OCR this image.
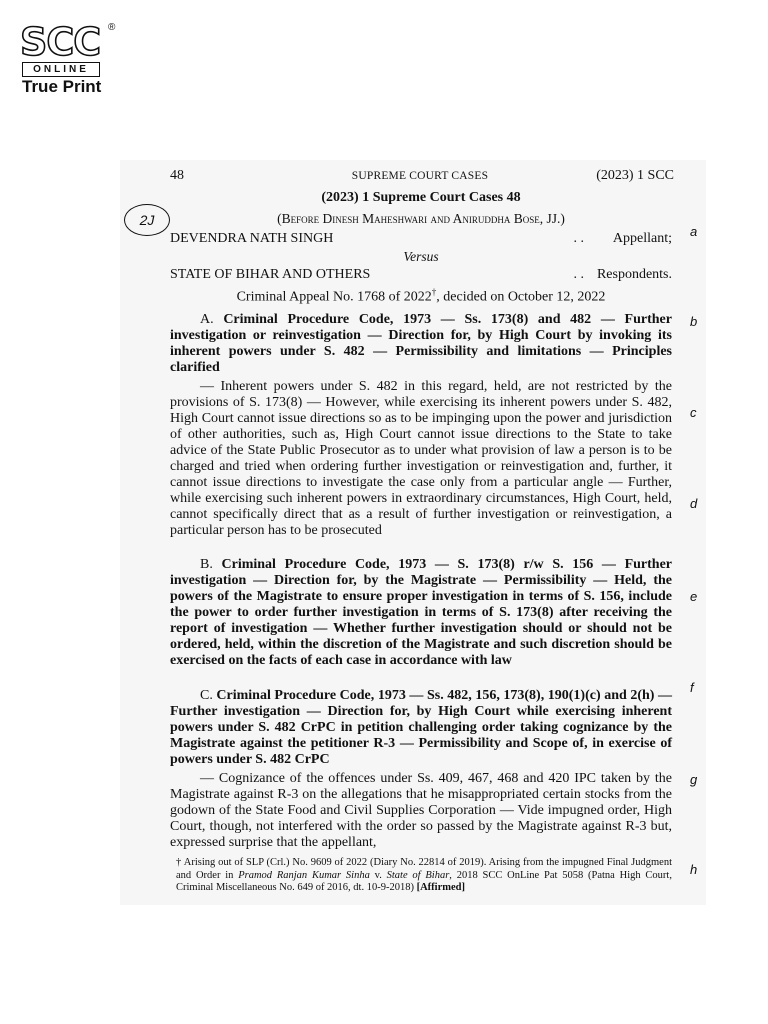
SCC ®
ONLINE
True Print
48	SUPREME COURT CASES	(2023) 1 SCC
(2023) 1 Supreme Court Cases 48
2J	(Before Dinesh Maheshwari and Aniruddha Bose, JJ.)
DEVENDRA NATH SINGH	. . Appellant;
Versus
STATE OF BIHAR AND OTHERS	. . Respondents.
Criminal Appeal No. 1768 of 2022†, decided on October 12, 2022
A. Criminal Procedure Code, 1973 — Ss. 173(8) and 482 — Further investigation or reinvestigation — Direction for, by High Court by invoking its inherent powers under S. 482 — Permissibility and limitations — Principles clarified
— Inherent powers under S. 482 in this regard, held, are not restricted by the provisions of S. 173(8) — However, while exercising its inherent powers under S. 482, High Court cannot issue directions so as to be impinging upon the power and jurisdiction of other authorities, such as, High Court cannot issue directions to the State to take advice of the State Public Prosecutor as to under what provision of law a person is to be charged and tried when ordering further investigation or reinvestigation and, further, it cannot issue directions to investigate the case only from a particular angle — Further, while exercising such inherent powers in extraordinary circumstances, High Court, held, cannot specifically direct that as a result of further investigation or reinvestigation, a particular person has to be prosecuted
B. Criminal Procedure Code, 1973 — S. 173(8) r/w S. 156 — Further investigation — Direction for, by the Magistrate — Permissibility — Held, the powers of the Magistrate to ensure proper investigation in terms of S. 156, include the power to order further investigation in terms of S. 173(8) after receiving the report of investigation — Whether further investigation should or should not be ordered, held, within the discretion of the Magistrate and such discretion should be exercised on the facts of each case in accordance with law
C. Criminal Procedure Code, 1973 — Ss. 482, 156, 173(8), 190(1)(c) and 2(h) — Further investigation — Direction for, by High Court while exercising inherent powers under S. 482 CrPC in petition challenging order taking cognizance by the Magistrate against the petitioner R-3 — Permissibility and Scope of, in exercise of powers under S. 482 CrPC
— Cognizance of the offences under Ss. 409, 467, 468 and 420 IPC taken by the Magistrate against R-3 on the allegations that he misappropriated certain stocks from the godown of the State Food and Civil Supplies Corporation — Vide impugned order, High Court, though, not interfered with the order so passed by the Magistrate against R-3 but, expressed surprise that the appellant,
† Arising out of SLP (Crl.) No. 9609 of 2022 (Diary No. 22814 of 2019). Arising from the impugned Final Judgment and Order in Pramod Ranjan Kumar Sinha v. State of Bihar, 2018 SCC OnLine Pat 5058 (Patna High Court, Criminal Miscellaneous No. 649 of 2016, dt. 10-9-2018) [Affirmed]
a
b
c
d
e
f
g
h
